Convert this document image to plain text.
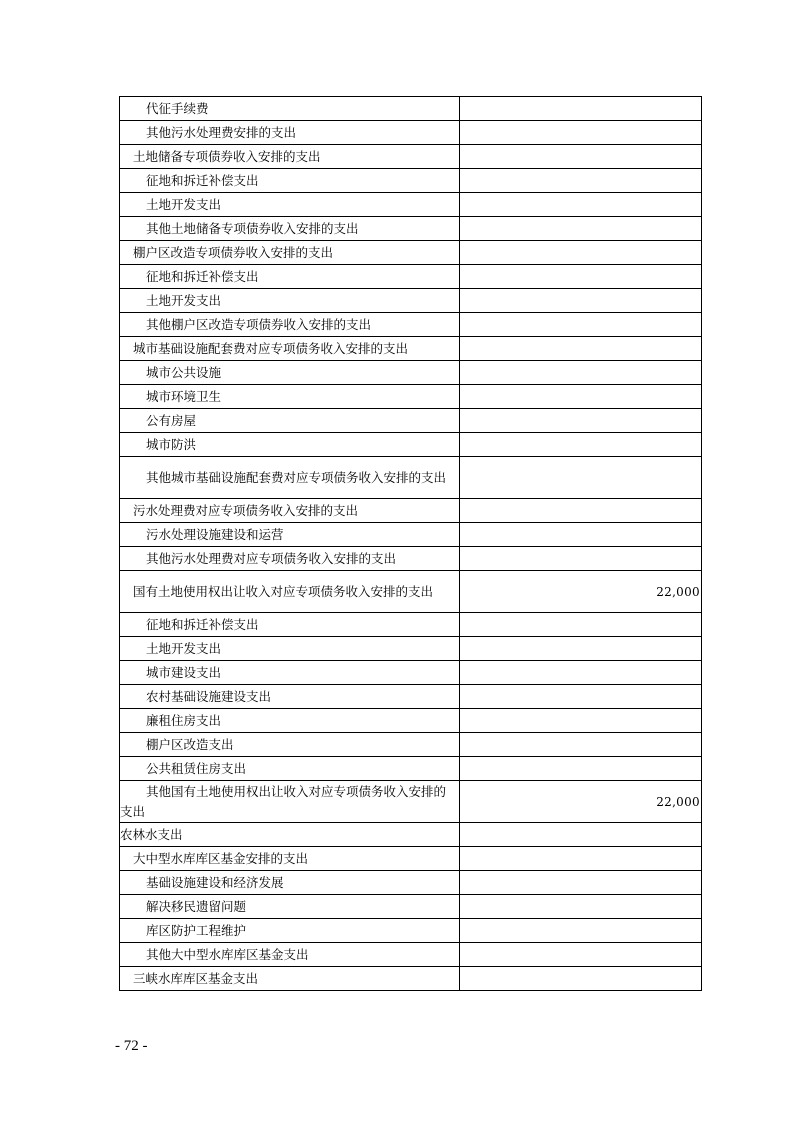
代征手续费	
其他污水处理费安排的支出	
土地储备专项债券收入安排的支出	
征地和拆迁补偿支出	
土地开发支出	
其他土地储备专项债券收入安排的支出	
棚户区改造专项债券收入安排的支出	
征地和拆迁补偿支出	
土地开发支出	
其他棚户区改造专项债券收入安排的支出	
城市基础设施配套费对应专项债务收入安排的支出	
城市公共设施	
城市环境卫生	
公有房屋	
城市防洪	
其他城市基础设施配套费对应专项债务收入安排的支出	
污水处理费对应专项债务收入安排的支出	
污水处理设施建设和运营	
其他污水处理费对应专项债务收入安排的支出	
国有土地使用权出让收入对应专项债务收入安排的支出	22,000
征地和拆迁补偿支出	
土地开发支出	
城市建设支出	
农村基础设施建设支出	
廉租住房支出	
棚户区改造支出	
公共租赁住房支出	
其他国有土地使用权出让收入对应专项债务收入安排的支出	22,000
农林水支出	
大中型水库库区基金安排的支出	
基础设施建设和经济发展	
解决移民遗留问题	
库区防护工程维护	
其他大中型水库库区基金支出	
三峡水库库区基金支出	
- 72 -
